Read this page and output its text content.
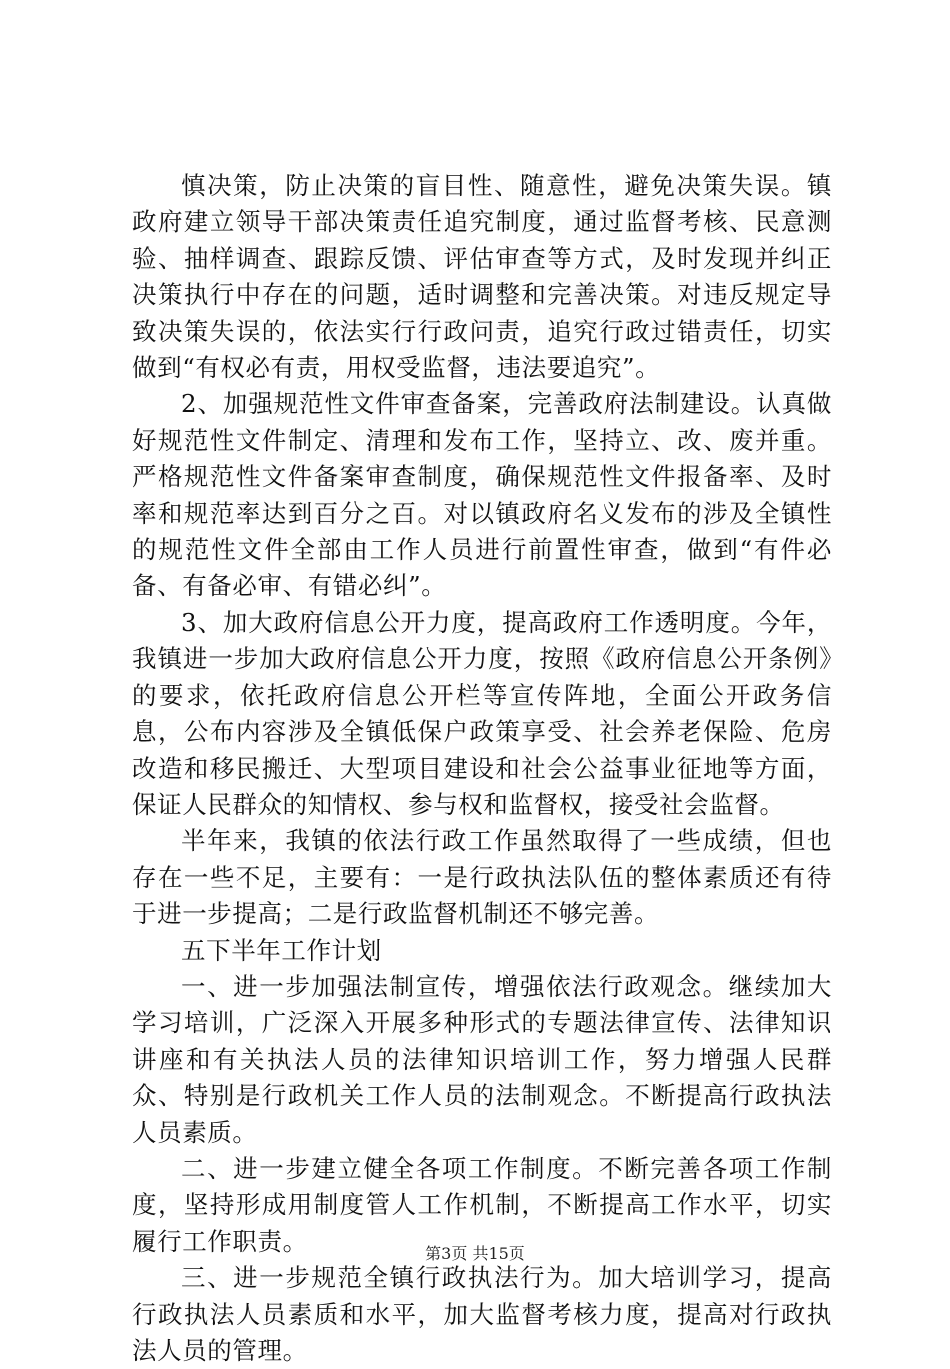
慎决策，防止决策的盲目性、随意性，避免决策失误。镇政府建立领导干部决策责任追究制度，通过监督考核、民意测验、抽样调查、跟踪反馈、评估审查等方式，及时发现并纠正决策执行中存在的问题，适时调整和完善决策。对违反规定导致决策失误的，依法实行行政问责，追究行政过错责任，切实做到“有权必有责，用权受监督，违法要追究”。

2、加强规范性文件审查备案，完善政府法制建设。认真做好规范性文件制定、清理和发布工作，坚持立、改、废并重。严格规范性文件备案审查制度，确保规范性文件报备率、及时率和规范率达到百分之百。对以镇政府名义发布的涉及全镇性的规范性文件全部由工作人员进行前置性审查，做到“有件必备、有备必审、有错必纠”。

3、加大政府信息公开力度，提高政府工作透明度。今年，我镇进一步加大政府信息公开力度，按照《政府信息公开条例》的要求，依托政府信息公开栏等宣传阵地，全面公开政务信息，公布内容涉及全镇低保户政策享受、社会养老保险、危房改造和移民搬迁、大型项目建设和社会公益事业征地等方面，保证人民群众的知情权、参与权和监督权，接受社会监督。

半年来，我镇的依法行政工作虽然取得了一些成绩，但也存在一些不足，主要有：一是行政执法队伍的整体素质还有待于进一步提高；二是行政监督机制还不够完善。

五下半年工作计划

一、进一步加强法制宣传，增强依法行政观念。继续加大学习培训，广泛深入开展多种形式的专题法律宣传、法律知识讲座和有关执法人员的法律知识培训工作，努力增强人民群众、特别是行政机关工作人员的法制观念。不断提高行政执法人员素质。

二、进一步建立健全各项工作制度。不断完善各项工作制度，坚持形成用制度管人工作机制，不断提高工作水平，切实履行工作职责。

三、进一步规范全镇行政执法行为。加大培训学习，提高行政执法人员素质和水平，加大监督考核力度，提高对行政执法人员的管理。

第3页 共15页
